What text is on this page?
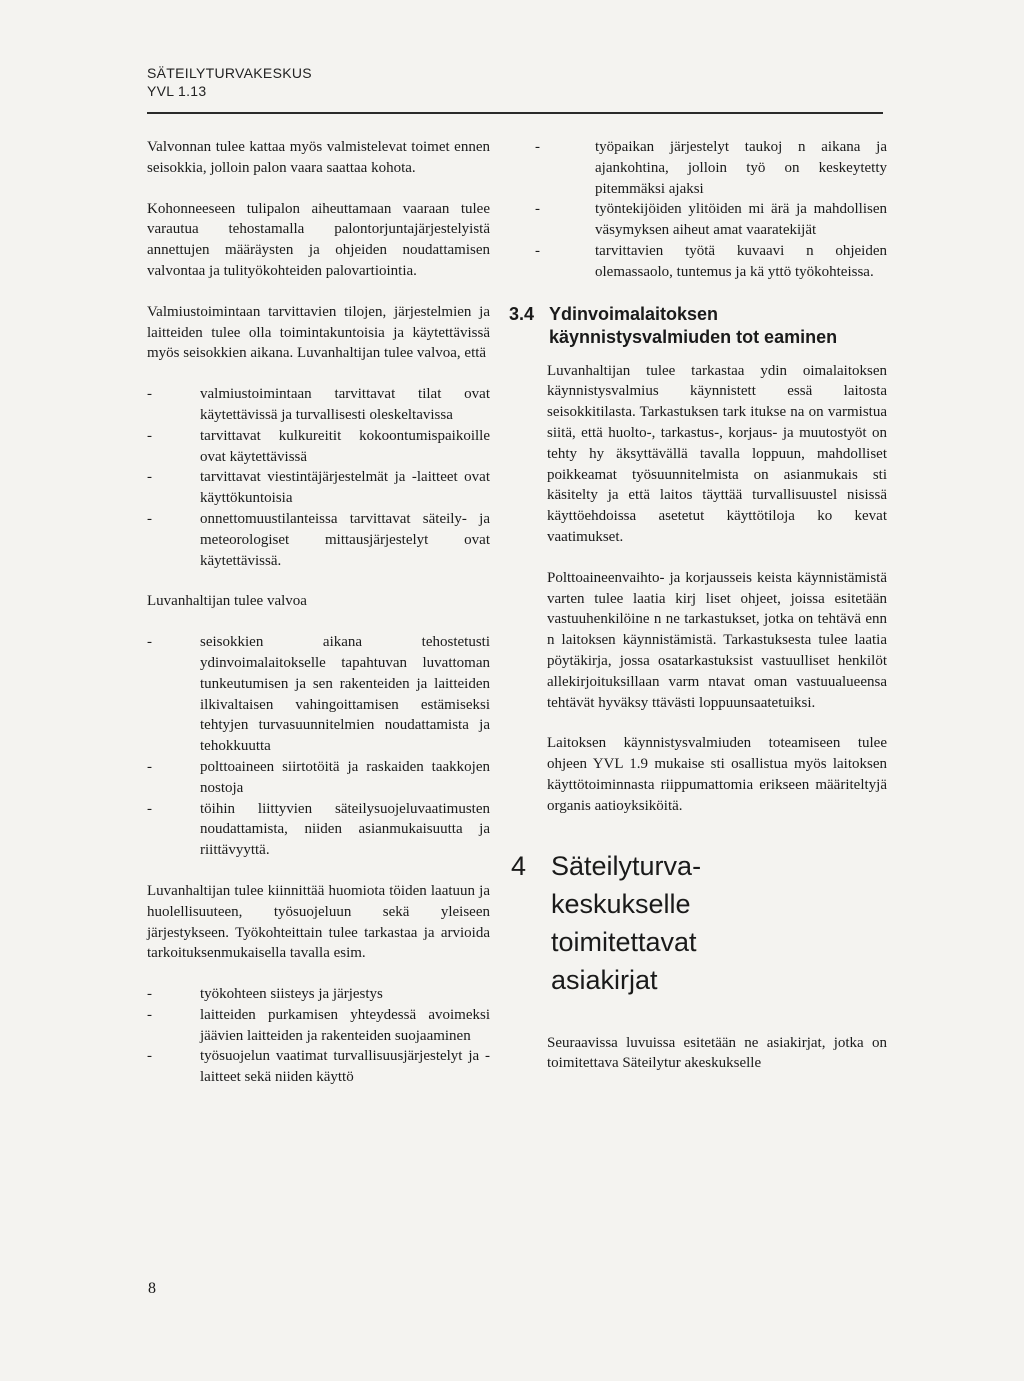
SÄTEILYTURVAKESKUS
YVL 1.13

Valvonnan tulee kattaa myös valmistelevat toimet ennen seisokkia, jolloin palon vaara saattaa kohota.

Kohonneeseen tulipalon aiheuttamaan vaaraan tulee varautua tehostamalla palontorjuntajärjestelyistä annettujen määräysten ja ohjeiden noudattamisen valvontaa ja tulityökohteiden palovartiointia.

Valmiustoimintaan tarvittavien tilojen, järjestelmien ja laitteiden tulee olla toimintakuntoisia ja käytettävissä myös seisokkien aikana. Luvanhaltijan tulee valvoa, että

-	valmiustoimintaan tarvittavat tilat ovat käytettävissä ja turvallisesti oleskeltavissa
-	tarvittavat kulkureitit kokoontumispaikoille ovat käytettävissä
-	tarvittavat viestintäjärjestelmät ja -laitteet ovat käyttökuntoisia
-	onnettomuustilanteissa tarvittavat säteily- ja meteorologiset mittausjärjestelyt ovat käytettävissä.

Luvanhaltijan tulee valvoa

-	seisokkien aikana tehostetusti ydinvoimalaitokselle tapahtuvan luvattoman tunkeutumisen ja sen rakenteiden ja laitteiden ilkivaltaisen vahingoittamisen estämiseksi tehtyjen turvasuunnitelmien noudattamista ja tehokkuutta
-	polttoaineen siirtotöitä ja raskaiden taakkojen nostoja
-	töihin liittyvien säteilysuojeluvaatimusten noudattamista, niiden asianmukaisuutta ja riittävyyttä.

Luvanhaltijan tulee kiinnittää huomiota töiden laatuun ja huolellisuuteen, työsuojeluun sekä yleiseen järjestykseen. Työkohteittain tulee tarkastaa ja arvioida tarkoituksenmukaisella tavalla esim.

-	työkohteen siisteys ja järjestys
-	laitteiden purkamisen yhteydessä avoimeksi jäävien laitteiden ja rakenteiden suojaaminen
-	työsuojelun vaatimat turvallisuusjärjestelyt ja -laitteet sekä niiden käyttö
-	työpaikan järjestelyt taukoj n aikana ja ajankohtina, jolloin työ on keskeytetty pitemmäksi ajaksi
-	työntekijöiden ylitöiden mi ärä ja mahdollisen väsymyksen aiheut amat vaaratekijät
-	tarvittavien työtä kuvaavi n ohjeiden olemassaolo, tuntemus ja kä yttö työkohteissa.
3.4 Ydinvoimalaitoksen käynnistysvalmiuden tot eaminen

Luvanhaltijan tulee tarkastaa ydin oimalaitoksen käynnistysvalmius käynnistett essä laitosta seisokkitilasta. Tarkastuksen tark itukse na on varmistua siitä, että huolto-, tarkastus-, korjaus- ja muutostyöt on tehty hy äksyttävällä tavalla loppuun, mahdolliset poikkeamat työsuunnitelmista on asianmukais sti käsitelty ja että laitos täyttää turvallisuustel nisissä käyttöehdoissa asetetut käyttötiloja ko kevat vaatimukset.

Polttoaineenvaihto- ja korjausseis keista käynnistämistä varten tulee laatia kirj liset ohjeet, joissa esitetään vastuuhenkilöine n ne tarkastukset, jotka on tehtävä enn n laitoksen käynnistämistä. Tarkastuksesta tulee laatia pöytäkirja, jossa osatarkastuksist vastuulliset henkilöt allekirjoituksillaan varm ntavat oman vastuualueensa tehtävät hyväksy ttävästi loppuunsaatetuiksi.

Laitoksen käynnistysvalmiuden toteamiseen tulee ohjeen YVL 1.9 mukaise sti osallistua myös laitoksen käyttötoiminnasta riippumattomia erikseen määriteltyjä organis aatioyksiköitä.

4 Säteilyturva-
keskukselle
toimitettavat
asiakirjat

Seuraavissa luvuissa esitetään ne asiakirjat, jotka on toimitettava Säteilytur akeskukselle

8
